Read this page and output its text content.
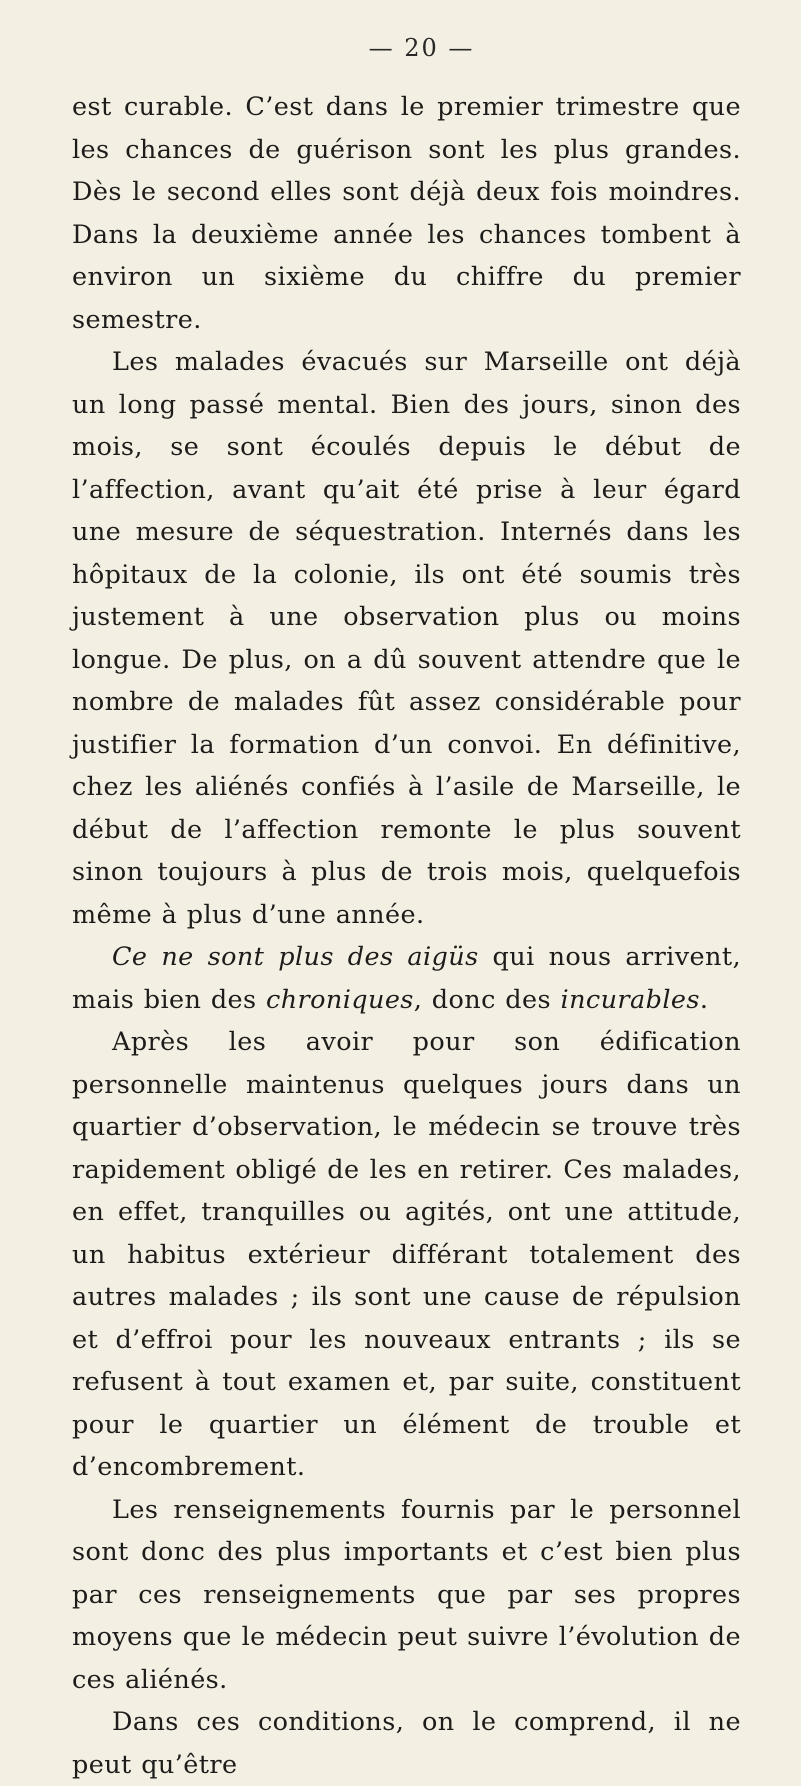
— 20 —

est curable. C’est dans le premier trimestre que les chances de guérison sont les plus grandes. Dès le second elles sont déjà deux fois moindres. Dans la deuxième année les chances tombent à environ un sixième du chiffre du premier semestre.

Les malades évacués sur Marseille ont déjà un long passé mental. Bien des jours, sinon des mois, se sont écoulés depuis le début de l’affection, avant qu’ait été prise à leur égard une mesure de séquestration. Internés dans les hôpitaux de la colonie, ils ont été soumis très justement à une observation plus ou moins longue. De plus, on a dû souvent attendre que le nombre de malades fût assez considérable pour justifier la formation d’un convoi. En définitive, chez les aliénés confiés à l’asile de Marseille, le début de l’affection remonte le plus souvent sinon toujours à plus de trois mois, quelquefois même à plus d’une année.

Ce ne sont plus des aigüs qui nous arrivent, mais bien des chroniques, donc des incurables.

Après les avoir pour son édification personnelle maintenus quelques jours dans un quartier d’observation, le médecin se trouve très rapidement obligé de les en retirer. Ces malades, en effet, tranquilles ou agités, ont une attitude, un habitus extérieur différant totalement des autres malades ; ils sont une cause de répulsion et d’effroi pour les nouveaux entrants ; ils se refusent à tout examen et, par suite, constituent pour le quartier un élément de trouble et d’encombrement.

Les renseignements fournis par le personnel sont donc des plus importants et c’est bien plus par ces renseignements que par ses propres moyens que le médecin peut suivre l’évolution de ces aliénés.

Dans ces conditions, on le comprend, il ne peut qu’être
